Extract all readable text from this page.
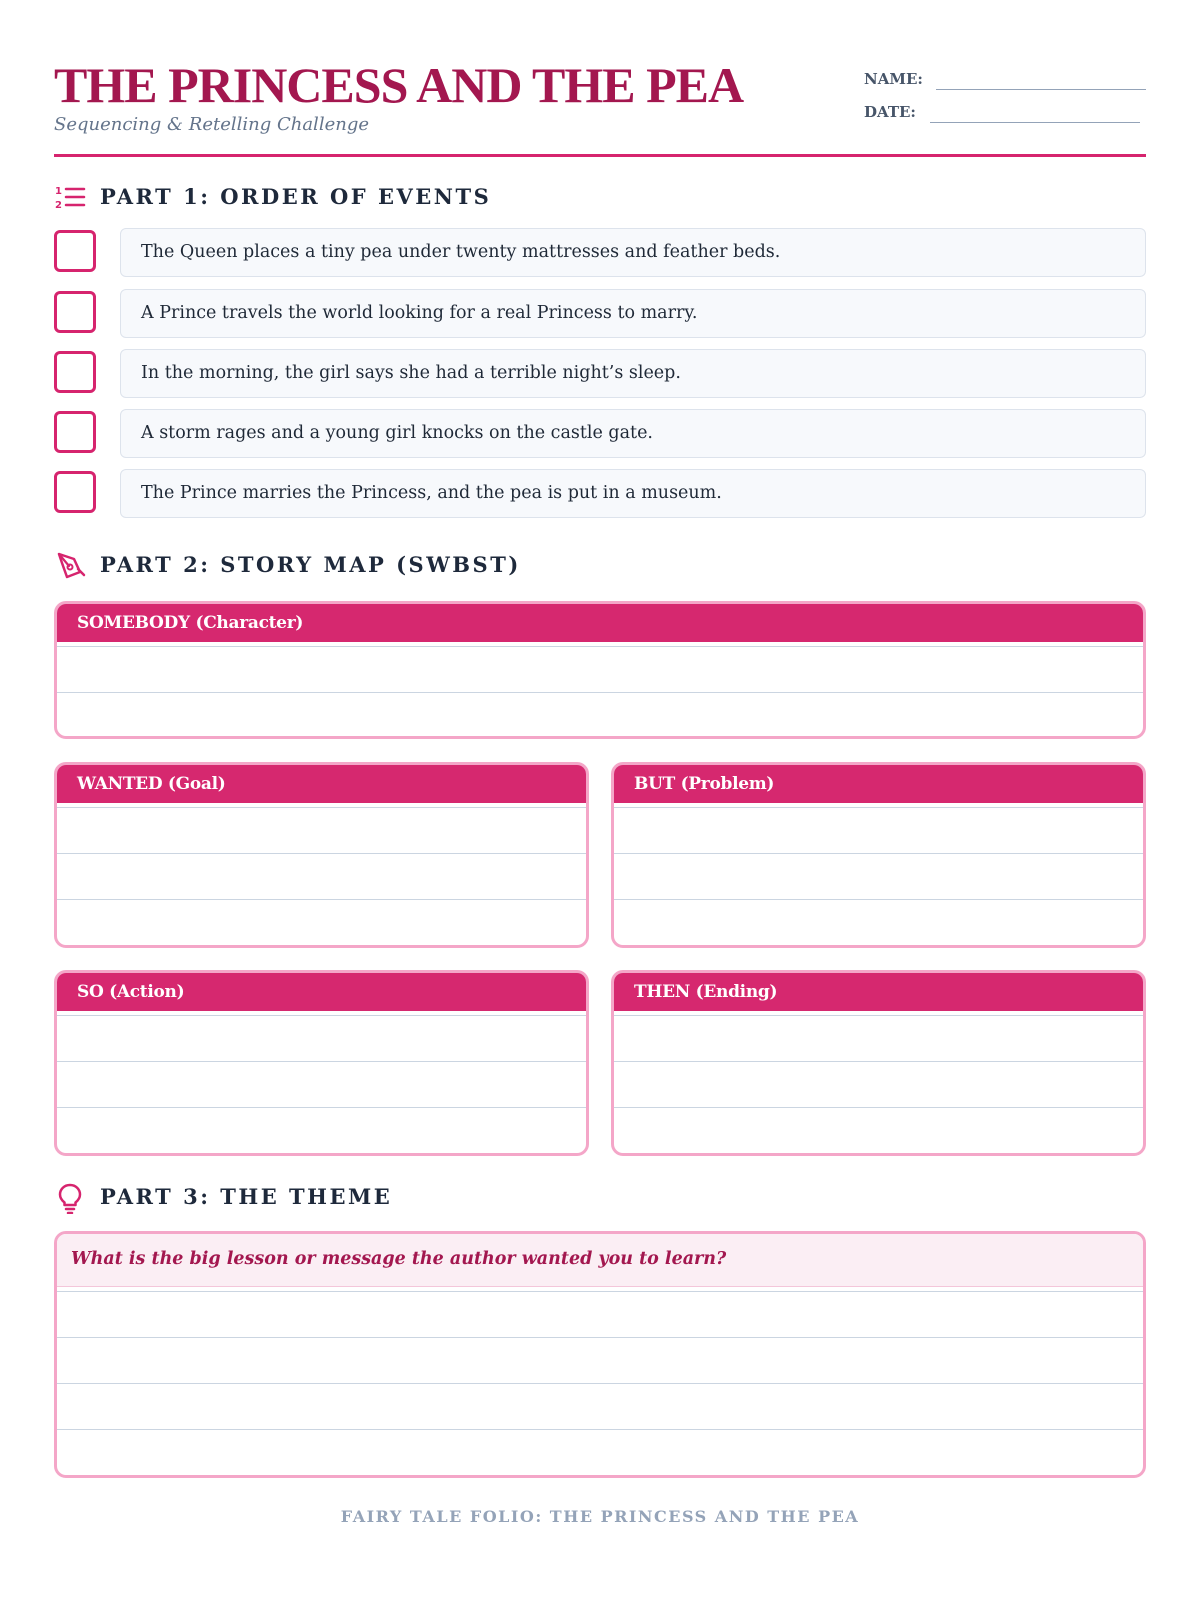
THE PRINCESS AND THE PEA
Sequencing & Retelling Challenge
NAME:
DATE:
1
2 PART 1: ORDER OF EVENTS
The Queen places a tiny pea under twenty mattresses and feather beds.
A Prince travels the world looking for a real Princess to marry.
In the morning, the girl says she had a terrible night’s sleep.
A storm rages and a young girl knocks on the castle gate.
The Prince marries the Princess, and the pea is put in a museum.
PART 2: STORY MAP (SWBST)
SOMEBODY (Character)
WANTED (Goal)	BUT (Problem)
SO (Action)	THEN (Ending)
PART 3: THE THEME
What is the big lesson or message the author wanted you to learn?
FAIRY TALE FOLIO: THE PRINCESS AND THE PEA
